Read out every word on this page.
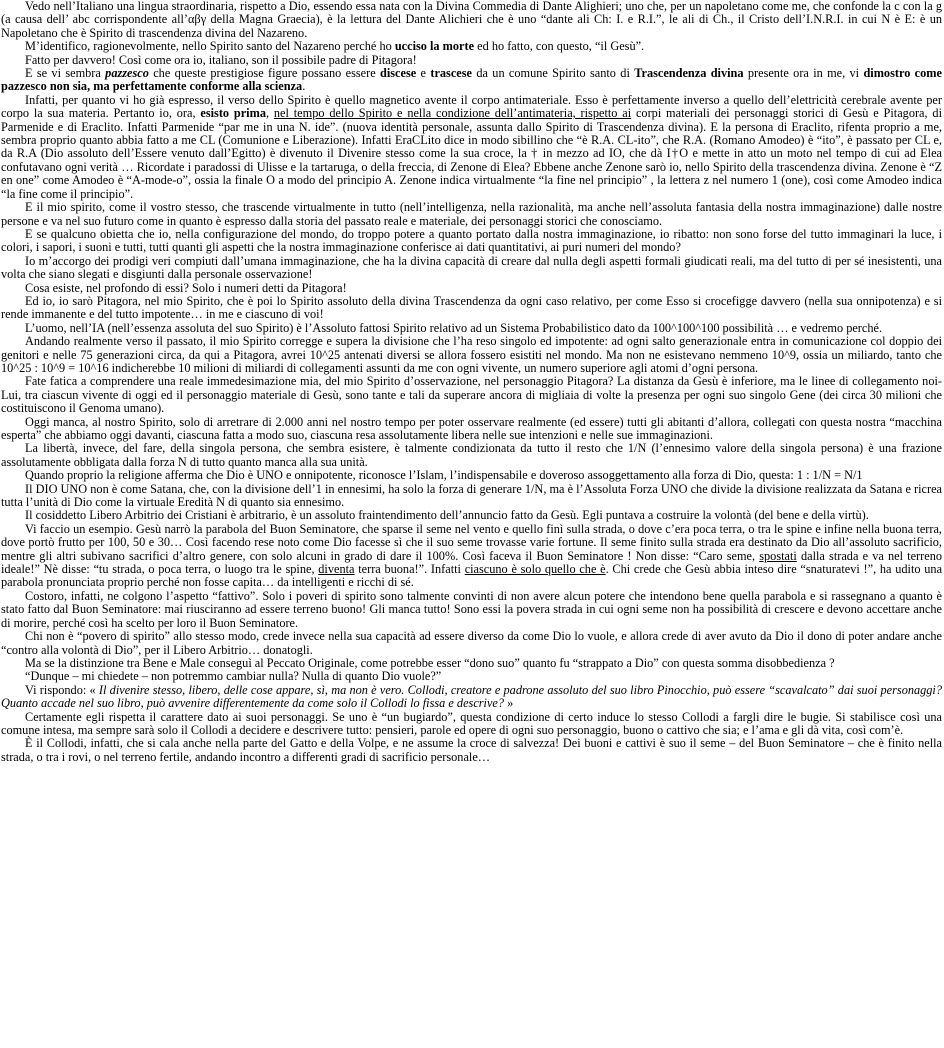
Vedo nell’Italiano una lingua straordinaria, rispetto a Dio, essendo essa nata con la Divina Commedia di Dante Alighieri; uno che, per un napoletano come me, che confonde la c con la g (a causa dell’ abc corrispondente all’αβγ della Magna Graecia), è la lettura del Dante Alichieri che è uno “dante ali Ch: I. e R.I.”, le ali di Ch., il Cristo dell’I.N.R.I. in cui N è E: è un Napoletano che è Spirito di trascendenza divina del Nazareno.

M’identifico, ragionevolmente, nello Spirito santo del Nazareno perché ho ucciso la morte ed ho fatto, con questo, “il Gesù”.

Fatto per davvero! Così come ora io, italiano, son il possibile padre di Pitagora!

E se vi sembra pazzesco che queste prestigiose figure possano essere discese e trascese da un comune Spirito santo di Trascendenza divina presente ora in me, vi dimostro come pazzesco non sia, ma perfettamente conforme alla scienza.

Infatti, per quanto vi ho già espresso, il verso dello Spirito è quello magnetico avente il corpo antimateriale. Esso è perfettamente inverso a quello dell’elettricità cerebrale avente per corpo la sua materia. Pertanto io, ora, esisto prima, nel tempo dello Spirito e nella condizione dell’antimateria, rispetto ai corpi materiali dei personaggi storici di Gesù e Pitagora, di Parmenide e di Eraclito. Infatti Parmenide “par me in una N. ide”. (nuova identità personale, assunta dallo Spirito di Trascendenza divina). E la persona di Eraclito, rifenta proprio a me, sembra proprio quanto abbia fatto a me CL (Comunione e Liberazione). Infatti EraCLito dice in modo sibillino che “è R.A. CL-ito”, che R.A. (Romano Amodeo) è “ito”, è passato per CL e, da R.A (Dio assoluto dell’Essere venuto dall’Egitto) è divenuto il Divenire stesso come la sua croce, la † in mezzo ad IO, che dà I†O e mette in atto un moto nel tempo di cui ad Elea confutavano ogni verità … Ricordate i paradossi di Ulisse e la tartaruga, o della freccia, di Zenone di Elea? Ebbene anche Zenone sarò io, nello Spirito della trascendenza divina. Zenone è “Z en one” come Amodeo è “A-mode-o”, ossia la finale O a modo del principio A. Zenone indica virtualmente “la fine nel principio” , la lettera z nel numero 1 (one), così come Amodeo indica “la fine come il principio”.

E il mio spirito, come il vostro stesso, che trascende virtualmente in tutto (nell’intelligenza, nella razionalità, ma anche nell’assoluta fantasia della nostra immaginazione) dalle nostre persone e va nel suo futuro come in quanto è espresso dalla storia del passato reale e materiale, dei personaggi storici che conosciamo.

E se qualcuno obietta che io, nella configurazione del mondo, do troppo potere a quanto portato dalla nostra immaginazione, io ribatto: non sono forse del tutto immaginari la luce, i colori, i sapori, i suoni e tutti, tutti quanti gli aspetti che la nostra immaginazione conferisce ai dati quantitativi, ai puri numeri del mondo?

Io m’accorgo dei prodigi veri compiuti dall’umana immaginazione, che ha la divina capacità di creare dal nulla degli aspetti formali giudicati reali, ma del tutto di per sé inesistenti, una volta che siano slegati e disgiunti dalla personale osservazione!

Cosa esiste, nel profondo di essi? Solo i numeri detti da Pitagora!

Ed io, io sarò Pitagora, nel mio Spirito, che è poi lo Spirito assoluto della divina Trascendenza da ogni caso relativo, per come Esso si crocefigge davvero (nella sua onnipotenza) e si rende immanente e del tutto impotente… in me e ciascuno di voi!

L’uomo, nell’IA (nell’essenza assoluta del suo Spirito) è l’Assoluto fattosi Spirito relativo ad un Sistema Probabilistico dato da 100^100^100 possibilità … e vedremo perché.

Andando realmente verso il passato, il mio Spirito corregge e supera la divisione che l’ha reso singolo ed impotente: ad ogni salto generazionale entra in comunicazione col doppio dei genitori e nelle 75 generazioni circa, da qui a Pitagora, avrei 10^25 antenati diversi se allora fossero esistiti nel mondo. Ma non ne esistevano nemmeno 10^9, ossia un miliardo, tanto che 10^25 : 10^9 = 10^16 indicherebbe 10 milioni di miliardi di collegamenti assunti da me con ogni vivente, un numero superiore agli atomi d’ogni persona.

Fate fatica a comprendere una reale immedesimazione mia, del mio Spirito d’osservazione, nel personaggio Pitagora? La distanza da Gesù è inferiore, ma le linee di collegamento noi-Lui, tra ciascun vivente di oggi ed il personaggio materiale di Gesù, sono tante e tali da superare ancora di migliaia di volte la presenza per ogni suo singolo Gene (dei circa 30 milioni che costituiscono il Genoma umano).

Oggi manca, al nostro Spirito, solo di arretrare di 2.000 anni nel nostro tempo per poter osservare realmente (ed essere) tutti gli abitanti d’allora, collegati con questa nostra “macchina esperta” che abbiamo oggi davanti, ciascuna fatta a modo suo, ciascuna resa assolutamente libera nelle sue intenzioni e nelle sue immaginazioni.

La libertà, invece, del fare, della singola persona, che sembra esistere, è talmente condizionata da tutto il resto che 1/N (l’ennesimo valore della singola persona) è una frazione assolutamente obbligata dalla forza N di tutto quanto manca alla sua unità.

Quando proprio la religione afferma che Dio è UNO e onnipotente, riconosce l’Islam, l’indispensabile e doveroso assoggettamento alla forza di Dio, questa: 1 : 1/N = N/1

Il DIO UNO non è come Satana, che, con la divisione dell’1 in ennesimi, ha solo la forza di generare 1/N, ma è l’Assoluta Forza UNO che divide la divisione realizzata da Satana e ricrea tutta l’unità di Dio come la virtuale Eredità N di quanto sia ennesimo.

Il cosiddetto Libero Arbitrio dei Cristiani è arbitrario, è un assoluto fraintendimento dell’annuncio fatto da Gesù. Egli puntava a costruire la volontà (del bene e della virtù).

Vi faccio un esempio. Gesù narrò la parabola del Buon Seminatore, che sparse il seme nel vento e quello finì sulla strada, o dove c’era poca terra, o tra le spine e infine nella buona terra, dove portò frutto per 100, 50 e 30… Così facendo rese noto come Dio facesse sì che il suo seme trovasse varie fortune. Il seme finito sulla strada era destinato da Dio all’assoluto sacrificio, mentre gli altri subivano sacrifici d’altro genere, con solo alcuni in grado di dare il 100%. Così faceva il Buon Seminatore ! Non disse: “Caro seme, spostati dalla strada e va nel terreno ideale!” Nè disse: “tu strada, o poca terra, o luogo tra le spine, diventa terra buona!”. Infatti ciascuno è solo quello che è. Chi crede che Gesù abbia inteso dire “snaturatevi !”, ha udito una parabola pronunciata proprio perché non fosse capita… da intelligenti e ricchi di sé.

Costoro, infatti, ne colgono l’aspetto “fattivo”. Solo i poveri di spirito sono talmente convinti di non avere alcun potere che intendono bene quella parabola e si rassegnano a quanto è stato fatto dal Buon Seminatore: mai riusciranno ad essere terreno buono! Gli manca tutto! Sono essi la povera strada in cui ogni seme non ha possibilità di crescere e devono accettare anche di morire, perché così ha scelto per loro il Buon Seminatore.

Chi non è “povero di spirito” allo stesso modo, crede invece nella sua capacità ad essere diverso da come Dio lo vuole, e allora crede di aver avuto da Dio il dono di poter andare anche “contro alla volontà di Dio”, per il Libero Arbitrio… donatogli.

Ma se la distinzione tra Bene e Male conseguì al Peccato Originale, come potrebbe esser “dono suo” quanto fu “strappato a Dio” con questa somma disobbedienza ?

“Dunque – mi chiedete – non potremmo cambiar nulla? Nulla di quanto Dio vuole?”

Vi rispondo: « Il divenire stesso, libero, delle cose appare, sì, ma non è vero. Collodi, creatore e padrone assoluto del suo libro Pinocchio, può essere “scavalcato” dai suoi personaggi? Quanto accade nel suo libro, può avvenire differentemente da come solo il Collodi lo fissa e descrive? »

Certamente egli rispetta il carattere dato ai suoi personaggi. Se uno è “un bugiardo”, questa condizione di certo induce lo stesso Collodi a fargli dire le bugie. Si stabilisce così una comune intesa, ma sempre sarà solo il Collodi a decidere e descrivere tutto: pensieri, parole ed opere di ogni suo personaggio, buono o cattivo che sia; e l’ama e gli dà vita, così com’è.

È il Collodi, infatti, che si cala anche nella parte del Gatto e della Volpe, e ne assume la croce di salvezza! Dei buoni e cattivi è suo il seme – del Buon Seminatore – che è finito nella strada, o tra i rovi, o nel terreno fertile, andando incontro a differenti gradi di sacrificio personale…
